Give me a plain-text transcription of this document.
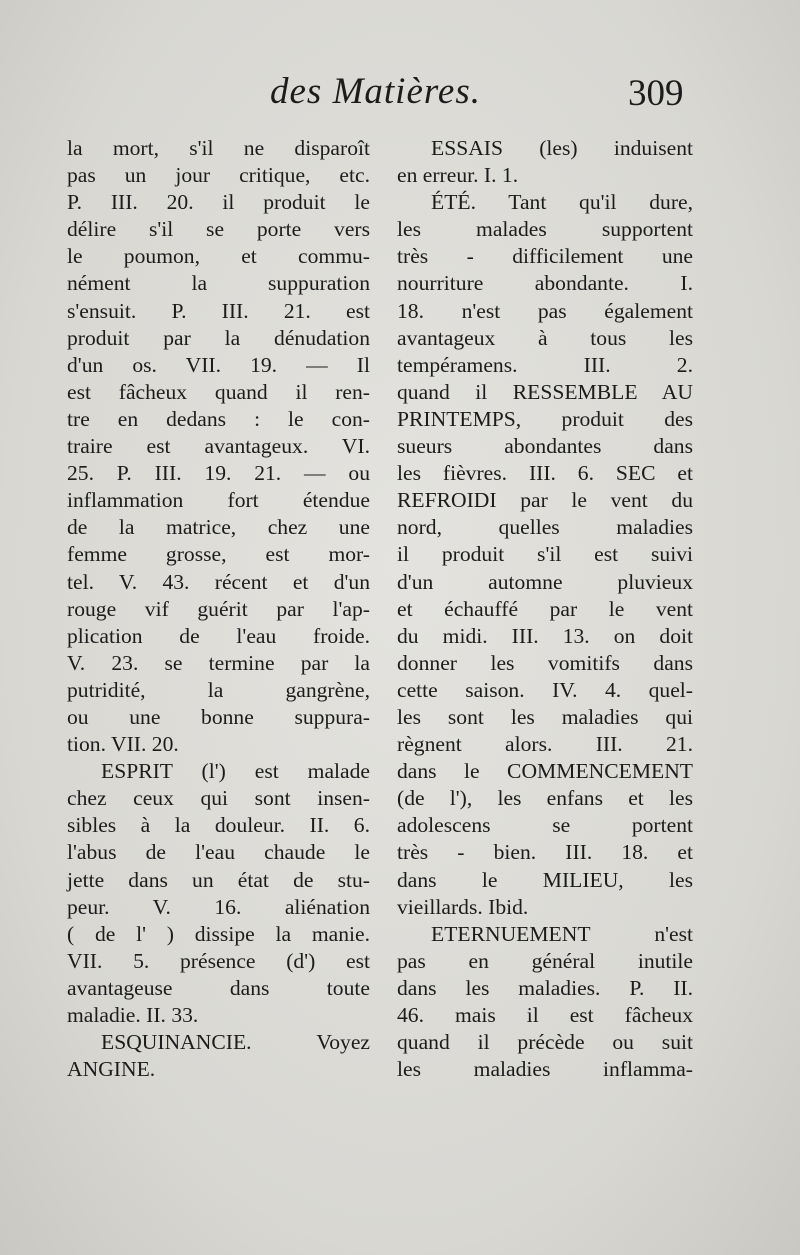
des Matières.	309
la mort, s'il ne disparoît
pas un jour critique, etc.
P. III. 20. il produit le
délire s'il se porte vers
le poumon, et commu-
nément la suppuration
s'ensuit. P. III. 21. est
produit par la dénudation
d'un os. VII. 19. — Il
est fâcheux quand il ren-
tre en dedans : le con-
traire est avantageux. VI.
25. P. III. 19. 21. — ou
inflammation fort étendue
de la matrice, chez une
femme grosse, est mor-
tel. V. 43. récent et d'un
rouge vif guérit par l'ap-
plication de l'eau froide.
V. 23. se termine par la
putridité, la gangrène,
ou une bonne suppura-
tion. VII. 20.
ESPRIT (l') est malade
chez ceux qui sont insen-
sibles à la douleur. II. 6.
l'abus de l'eau chaude le
jette dans un état de stu-
peur. V. 16. aliénation
( de l' ) dissipe la manie.
VII. 5. présence (d') est
avantageuse dans toute
maladie. II. 33.
ESQUINANCIE. Voyez
ANGINE.
ESSAIS (les) induisent
en erreur. I. 1.
ÉTÉ. Tant qu'il dure,
les malades supportent
très - difficilement une
nourriture abondante. I.
18. n'est pas également
avantageux à tous les
tempéramens. III. 2.
quand il RESSEMBLE AU
PRINTEMPS, produit des
sueurs abondantes dans
les fièvres. III. 6. SEC et
REFROIDI par le vent du
nord, quelles maladies
il produit s'il est suivi
d'un automne pluvieux
et échauffé par le vent
du midi. III. 13. on doit
donner les vomitifs dans
cette saison. IV. 4. quel-
les sont les maladies qui
règnent alors. III. 21.
dans le COMMENCEMENT
(de l'), les enfans et les
adolescens se portent
très - bien. III. 18. et
dans le MILIEU, les
vieillards. Ibid.
ETERNUEMENT n'est
pas en général inutile
dans les maladies. P. II.
46. mais il est fâcheux
quand il précède ou suit
les maladies inflamma-
